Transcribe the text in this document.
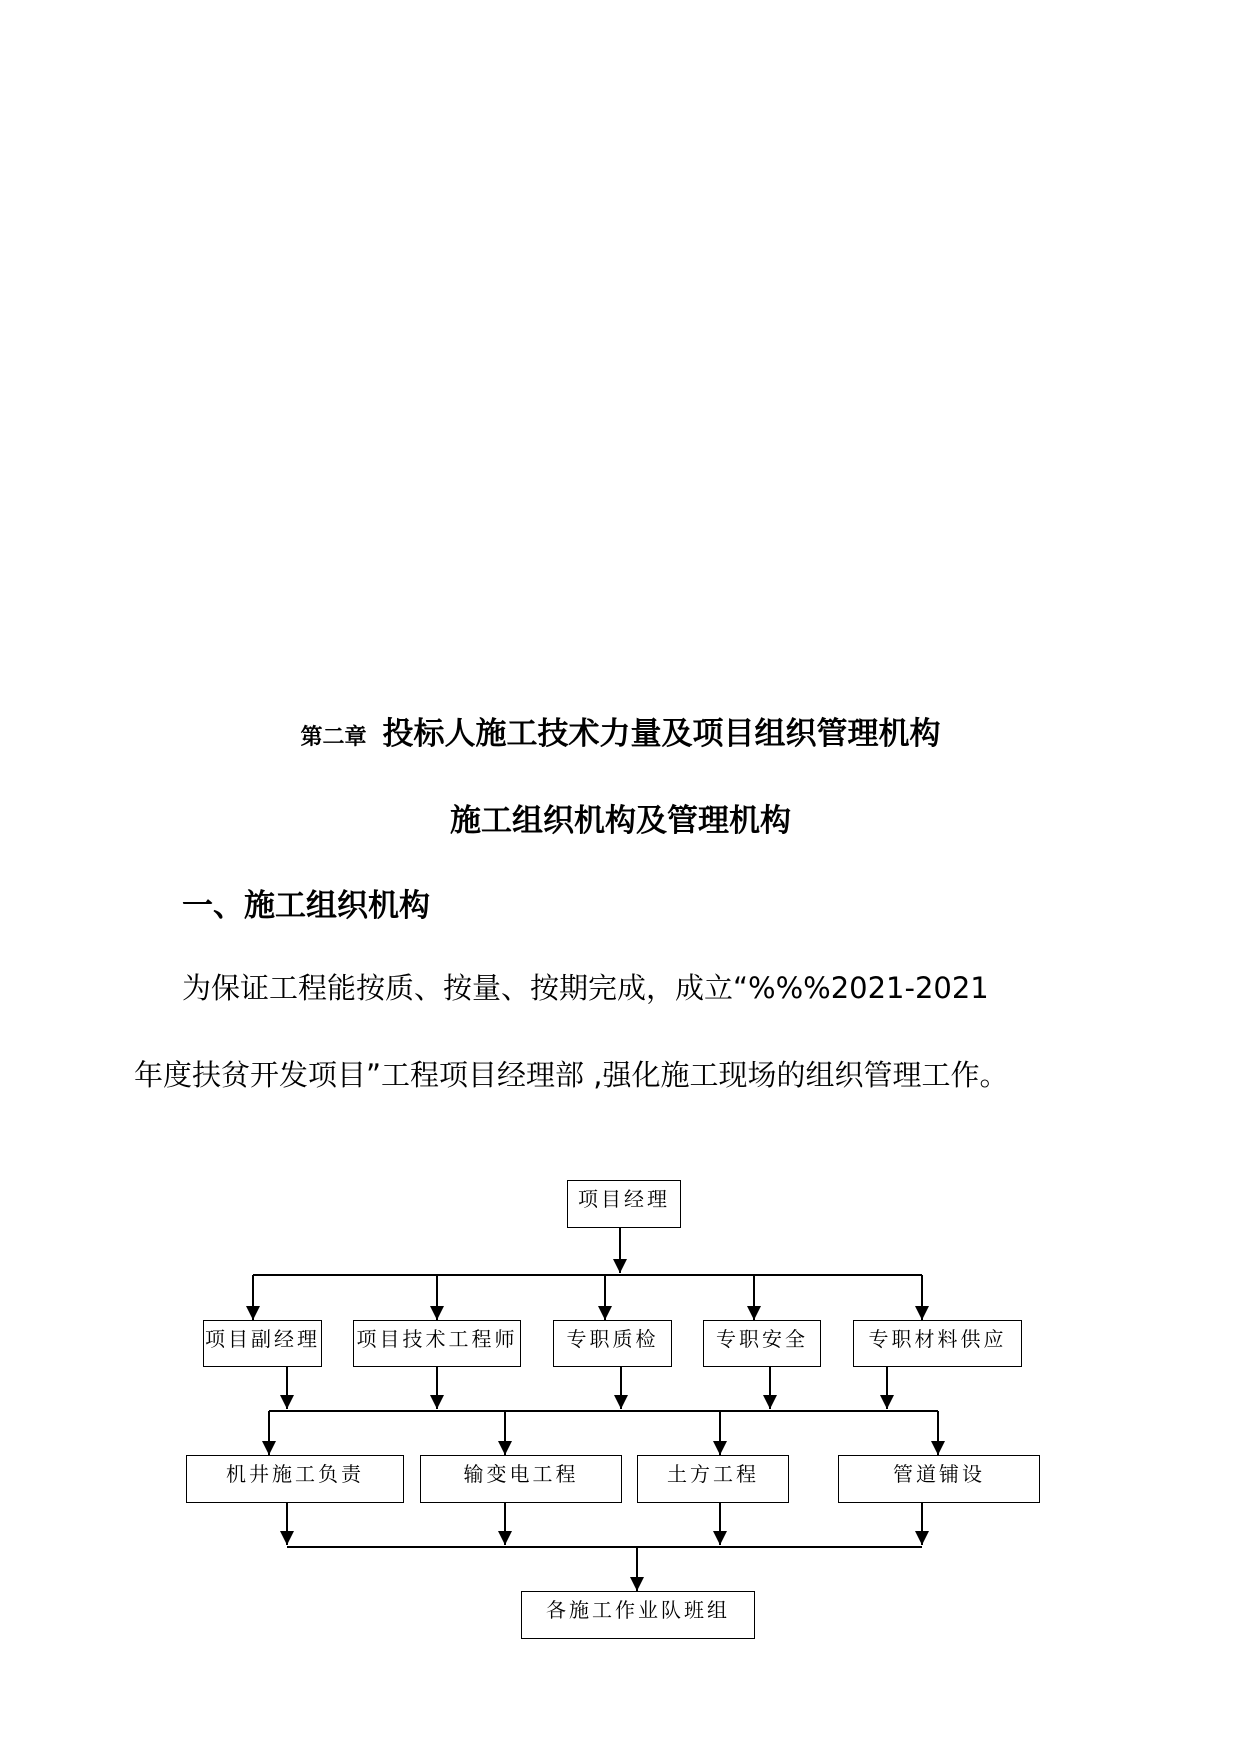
第二章 投标人施工技术力量及项目组织管理机构
施工组织机构及管理机构
一、施工组织机构
为保证工程能按质、按量、按期完成，成立“%%%2021-2021
年度扶贫开发项目”工程项目经理部 ,强化施工现场的组织管理工作。
项目经理
项目副经理 项目技术工程师	专职质检	专职安全	专职材料供应
机井施工负责	输变电工程	土方工程	管道铺设
各施工作业队班组
